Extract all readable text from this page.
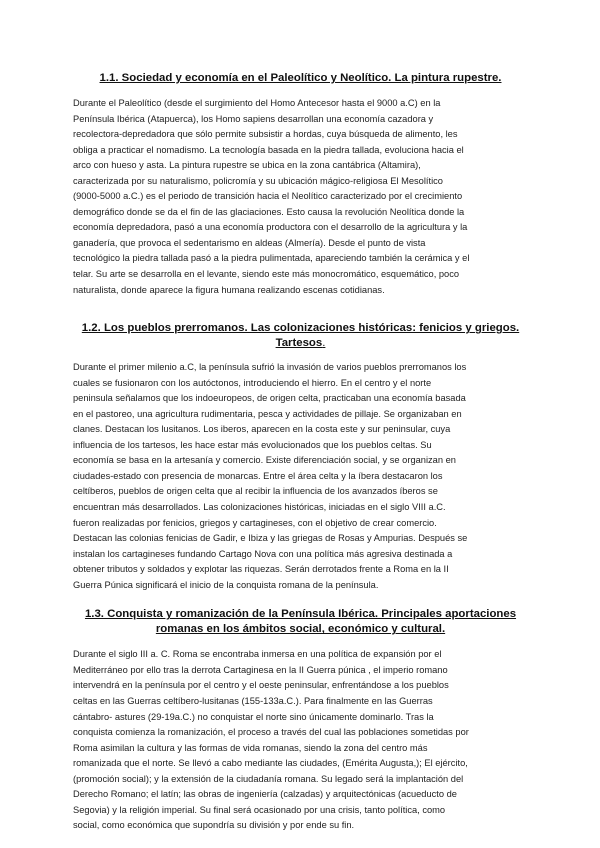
1.1. Sociedad y economía en el Paleolítico y Neolítico. La pintura rupestre.
Durante el Paleolítico (desde el surgimiento del Homo Antecesor hasta el 9000 a.C) en la
Península Ibérica (Atapuerca), los Homo sapiens desarrollan una economía cazadora y
recolectora-depredadora que sólo permite subsistir a hordas, cuya búsqueda de alimento, les
obliga a practicar el nomadismo. La tecnología basada en la piedra tallada, evoluciona hacia el
arco con hueso y asta. La pintura rupestre se ubica en la zona cantábrica (Altamira),
caracterizada por su naturalismo, policromía y su ubicación mágico-religiosa El Mesolítico
(9000-5000 a.C.) es el periodo de transición hacia el Neolítico caracterizado por el crecimiento
demográfico donde se da el fin de las glaciaciones. Esto causa la revolución Neolítica donde la
economía depredadora, pasó a una economía productora con el desarrollo de la agricultura y la
ganadería, que provoca el sedentarismo en aldeas (Almería). Desde el punto de vista
tecnológico la piedra tallada pasó a la piedra pulimentada, apareciendo también la cerámica y el
telar. Su arte se desarrolla en el levante, siendo este más monocromático, esquemático, poco
naturalista, donde aparece la figura humana realizando escenas cotidianas.
1.2. Los pueblos prerromanos. Las colonizaciones históricas: fenicios y griegos. Tartesos.
Durante el primer milenio a.C, la península sufrió la invasión de varios pueblos prerromanos los
cuales se fusionaron con los autóctonos, introduciendo el hierro. En el centro y el norte
peninsula señalamos que los indoeuropeos, de origen celta, practicaban una economía basada
en el pastoreo, una agricultura rudimentaria, pesca y actividades de pillaje. Se organizaban en
clanes. Destacan los lusitanos. Los iberos, aparecen en la costa este y sur peninsular, cuya
influencia de los tartesos, les hace estar más evolucionados que los pueblos celtas. Su
economía se basa en la artesanía y comercio. Existe diferenciación social, y se organizan en
ciudades-estado con presencia de monarcas. Entre el área celta y la íbera destacaron los
celtíberos, pueblos de origen celta que al recibir la influencia de los avanzados íberos se
encuentran más desarrollados. Las colonizaciones históricas, iniciadas en el siglo VIII a.C.
fueron realizadas por fenicios, griegos y cartagineses, con el objetivo de crear comercio.
Destacan las colonias fenicias de Gadir, e Ibiza y las griegas de Rosas y Ampurias. Después se
instalan los cartagineses fundando Cartago Nova con una política más agresiva destinada a
obtener tributos y soldados y explotar las riquezas. Serán derrotados frente a Roma en la II
Guerra Púnica significará el inicio de la conquista romana de la península.
1.3. Conquista y romanización de la Península Ibérica. Principales aportaciones romanas en los ámbitos social, económico y cultural.
Durante el siglo III a. C. Roma se encontraba inmersa en una política de expansión por el
Mediterráneo por ello tras la derrota Cartaginesa en la II Guerra púnica , el imperio romano
intervendrá en la península por el centro y el oeste peninsular, enfrentándose a los pueblos
celtas en las Guerras celtíbero-lusitanas (155-133a.C.). Para finalmente en las Guerras
cántabro- astures (29-19a.C.) no conquistar el norte sino únicamente dominarlo. Tras la
conquista comienza la romanización, el proceso a través del cual las poblaciones sometidas por
Roma asimilan la cultura y las formas de vida romanas, siendo la zona del centro más
romanizada que el norte. Se llevó a cabo mediante las ciudades, (Emérita Augusta,); El ejército,
(promoción social); y la extensión de la ciudadanía romana. Su legado será la implantación del
Derecho Romano; el latín; las obras de ingeniería (calzadas) y arquitectónicas (acueducto de
Segovia) y la religión imperial. Su final será ocasionado por una crisis, tanto política, como
social, como económica que supondría su división y por ende su fin.
